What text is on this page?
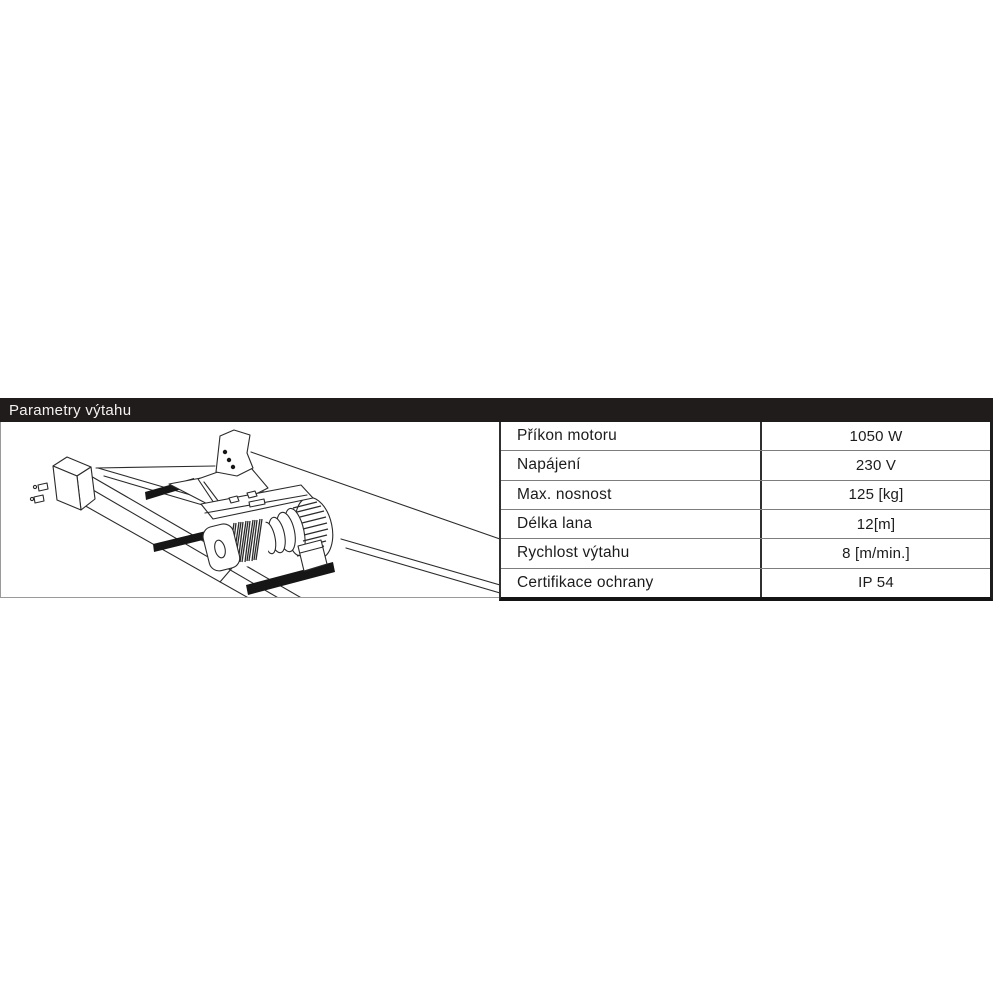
Parametry výtahu
Příkon motoru	1050 W
Napájení	230 V
Max. nosnost	125 [kg]
Délka lana	12[m]
Rychlost výtahu	8 [m/min.]
Certifikace ochrany	IP 54
